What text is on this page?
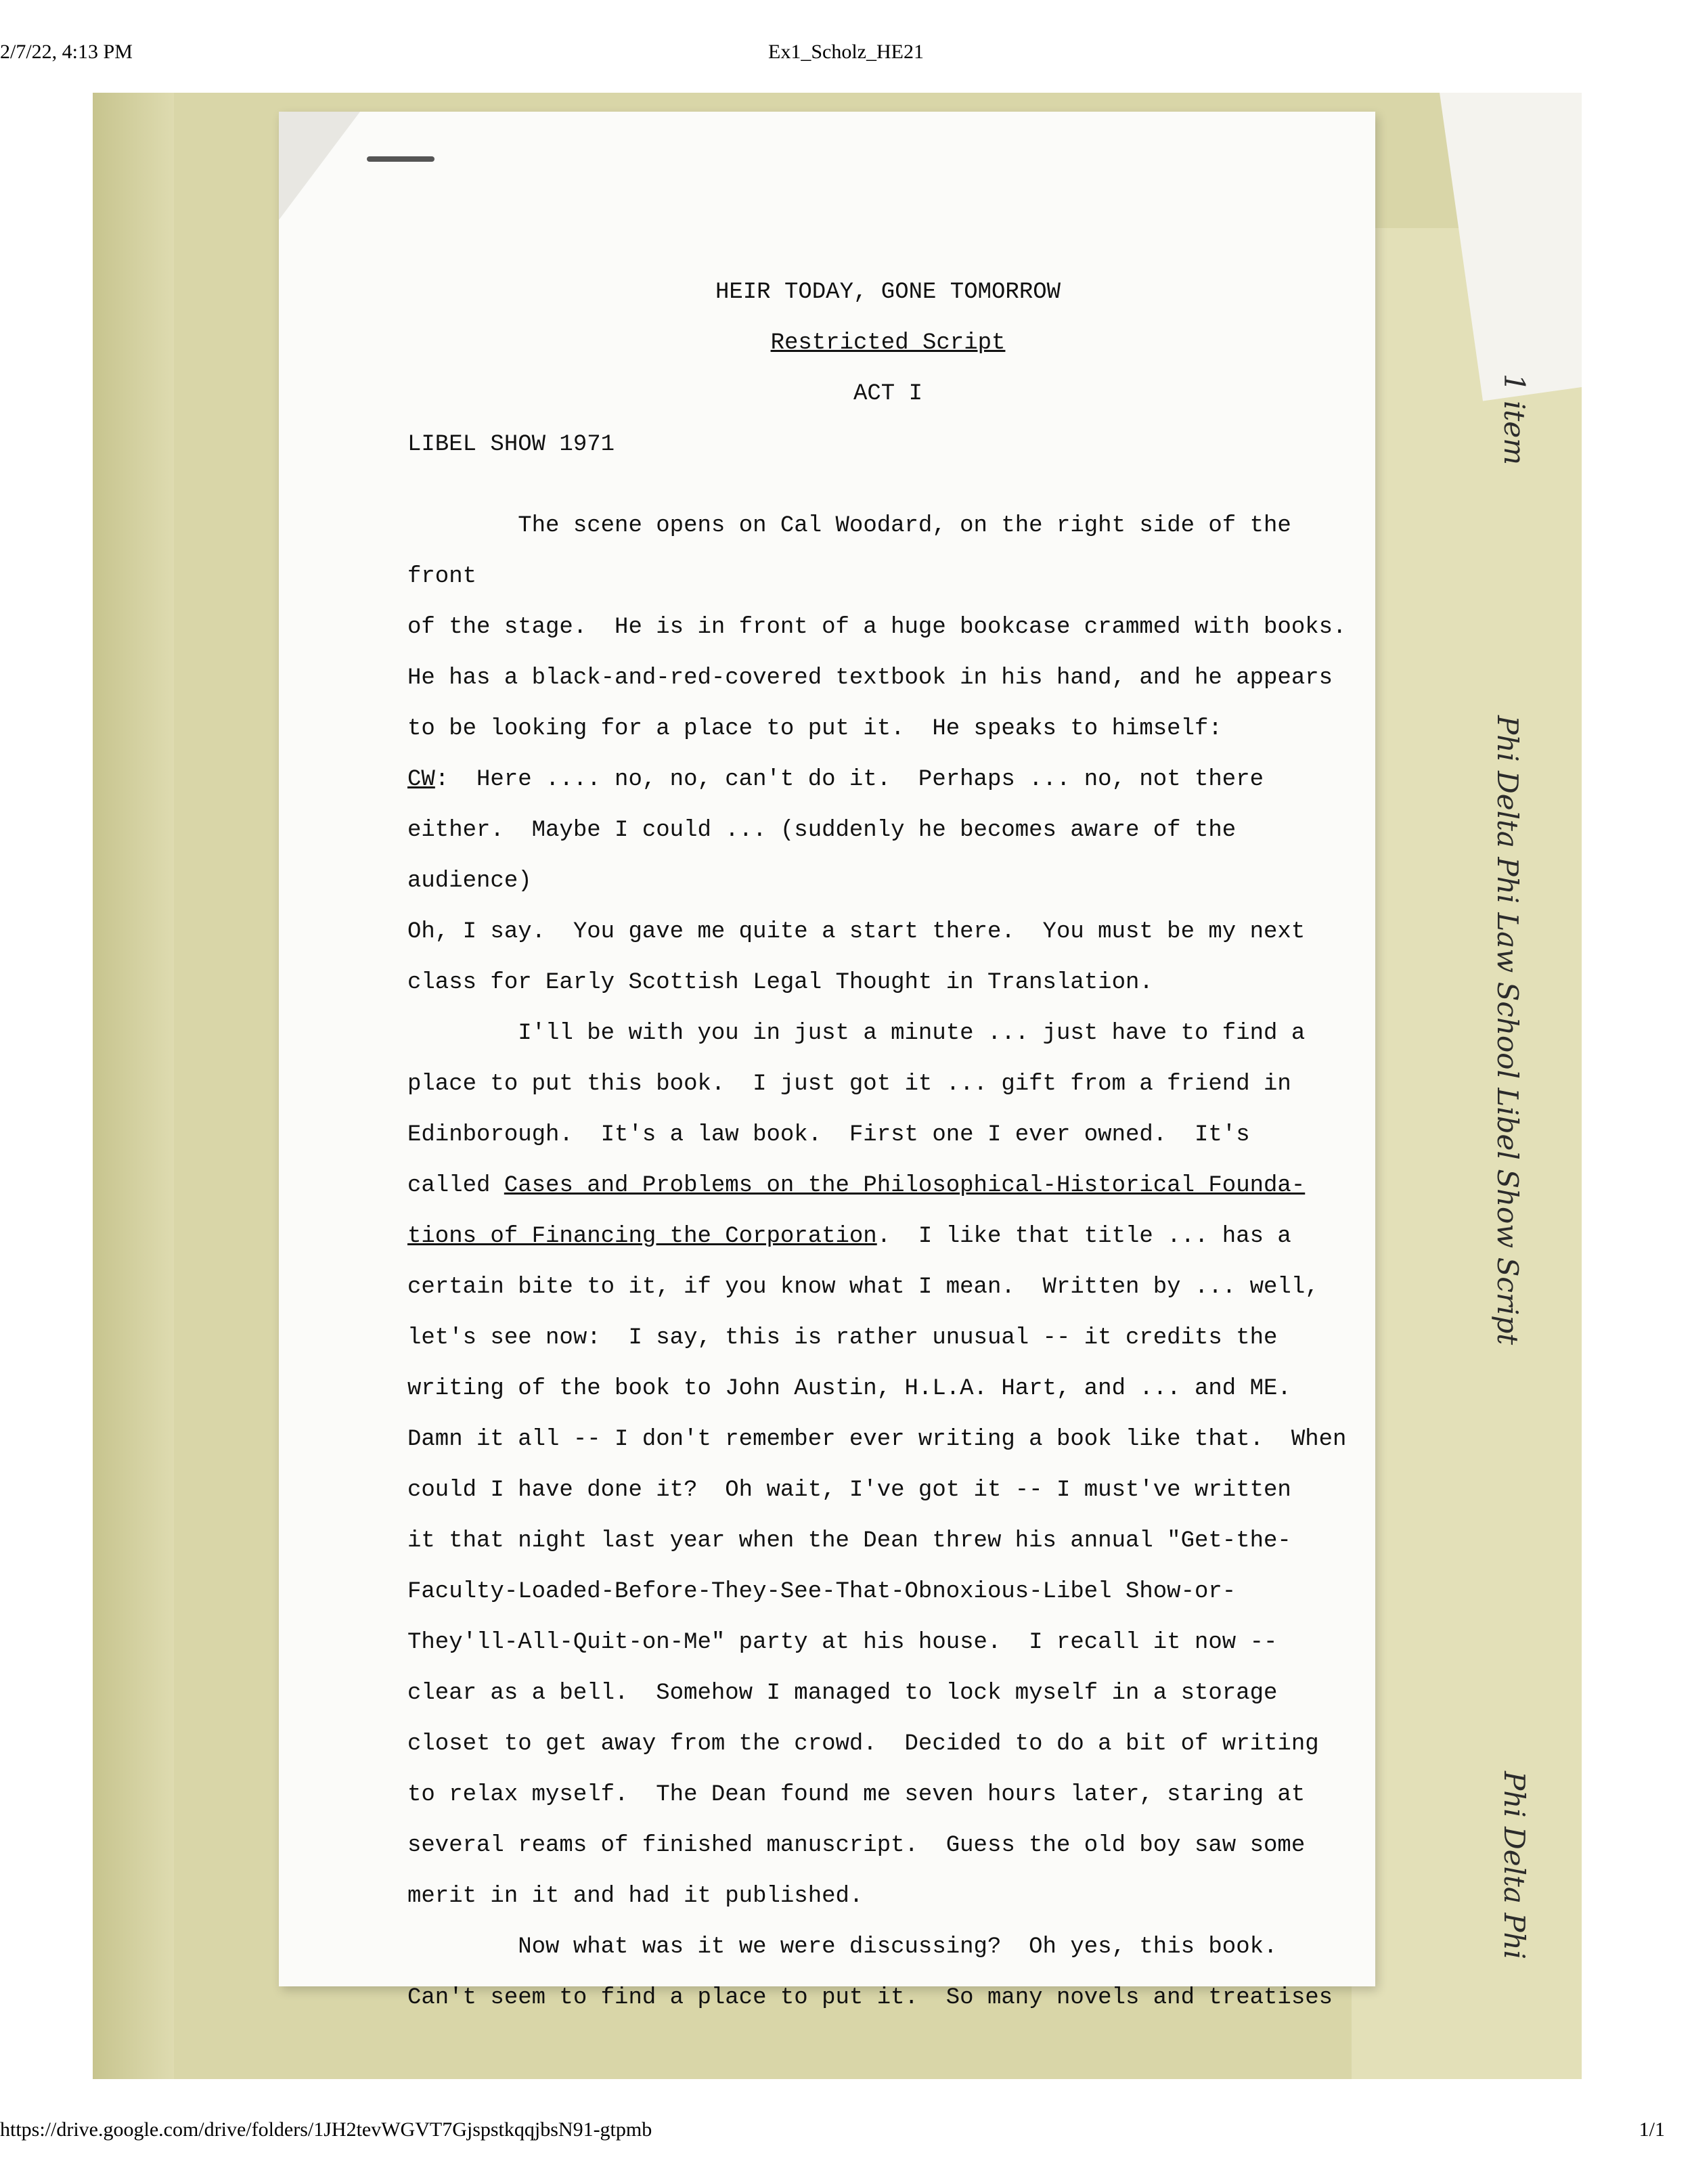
2/7/22, 4:13 PM	Ex1_Scholz_HE21
HEIR TODAY, GONE TOMORROW
Restricted Script
ACT I
LIBEL SHOW 1971

The scene opens on Cal Woodard, on the right side of the front

of the stage.  He is in front of a huge bookcase crammed with books.

He has a black-and-red-covered textbook in his hand, and he appears

to be looking for a place to put it.  He speaks to himself:

CW:  Here .... no, no, can't do it.  Perhaps ... no, not there

either.  Maybe I could ... (suddenly he becomes aware of the audience)

Oh, I say.  You gave me quite a start there.  You must be my next

class for Early Scottish Legal Thought in Translation.

I'll be with you in just a minute ... just have to find a

place to put this book.  I just got it ... gift from a friend in

Edinborough.  It's a law book.  First one I ever owned.  It's

called Cases and Problems on the Philosophical-Historical Founda-

tions of Financing the Corporation.  I like that title ... has a

certain bite to it, if you know what I mean.  Written by ... well,

let's see now:  I say, this is rather unusual -- it credits the

writing of the book to John Austin, H.L.A. Hart, and ... and ME.

Damn it all -- I don't remember ever writing a book like that.  When

could I have done it?  Oh wait, I've got it -- I must've written

it that night last year when the Dean threw his annual "Get-the-

Faculty-Loaded-Before-They-See-That-Obnoxious-Libel Show-or-

They'll-All-Quit-on-Me" party at his house.  I recall it now --

clear as a bell.  Somehow I managed to lock myself in a storage

closet to get away from the crowd.  Decided to do a bit of writing

to relax myself.  The Dean found me seven hours later, staring at

several reams of finished manuscript.  Guess the old boy saw some

merit in it and had it published.

Now what was it we were discussing?  Oh yes, this book.

Can't seem to find a place to put it.  So many novels and treatises

1 item
Phi Delta Phi Law School Libel Show Script
Phi Delta Phi
https://drive.google.com/drive/folders/1JH2tevWGVT7GjspstkqqjbsN91-gtpmb	1/1
